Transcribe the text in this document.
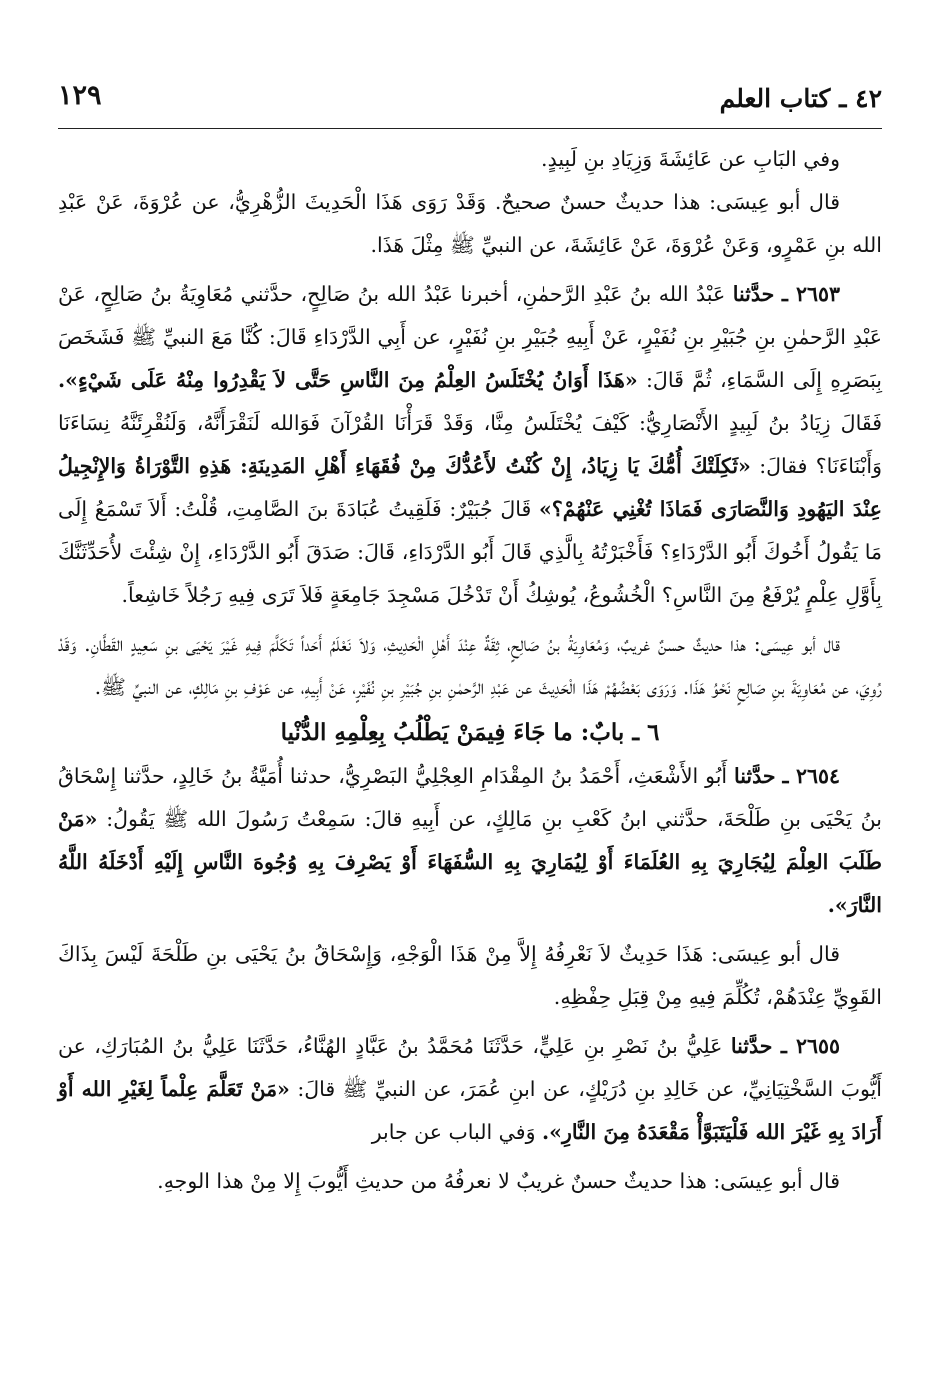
٤٢ ـ كتاب العلم
١٢٩

وفي البَابِ عن عَائِشَةَ وَزِيَادِ بنِ لَبِيدٍ.

قال أبو عِيسَى: هذا حديثٌ حسنٌ صحيحٌ. وَقَدْ رَوَى هَذَا الْحَدِيثَ الزُّهْرِيُّ، عن عُرْوَةَ، عَنْ عَبْدِ الله بنِ عَمْرٍو، وَعَنْ عُرْوَةَ، عَنْ عَائِشَةَ، عن النبيِّ ﷺ مِثْلَ هَذَا.

٢٦٥٣ ـ حدَّثنا عَبْدُ الله بنُ عَبْدِ الرَّحمٰنِ، أخبرنا عَبْدُ الله بنُ صَالِحٍ، حدَّثني مُعَاوِيَةُ بنُ صَالِحٍ، عَنْ عَبْدِ الرَّحمٰنِ بنِ جُبَيْرِ بنِ نُفَيْرٍ، عَنْ أَبِيهِ جُبَيْرِ بنِ نُفَيْرٍ، عن أَبِي الدَّرْدَاءِ قَالَ: كُنَّا مَعَ النبيِّ ﷺ فَشَخَصَ بِبَصَرِهِ إِلَى السَّمَاءِ، ثُمَّ قَالَ: «هَذَا أَوَانُ يُخْتَلَسُ العِلْمُ مِنَ النَّاسِ حَتَّى لاَ يَقْدِرُوا مِنْهُ عَلَى شَيْءٍ». فَقَالَ زِيَادُ بنُ لَبِيدٍ الأَنْصَارِيُّ: كَيْفَ يُخْتَلَسُ مِنَّا، وَقَدْ قَرَأْنَا القُرْآنَ فَوَالله لَنَقْرَأَنَّهُ، وَلَنُقْرِئَنَّهُ نِسَاءَنَا وَأَبْنَاءَنَا؟ فقالَ: «ثَكِلَتْكَ أُمُّكَ يَا زِيَادُ، إِنْ كُنْتُ لأَعُدُّكَ مِنْ فُقَهَاءِ أَهْلِ المَدِينَةِ: هَذِهِ التَّوْرَاةُ وَالإِنْجِيلُ عِنْدَ اليَهُودِ وَالنَّصَارَى فَمَاذَا تُغْنِي عَنْهُمْ؟» قَالَ جُبَيْرٌ: فَلَقِيتُ عُبَادَةَ بنَ الصَّامِتِ، قُلْتُ: أَلاَ تَسْمَعُ إِلَى مَا يَقُولُ أَخُوكَ أَبُو الدَّرْدَاءِ؟ فَأَخْبَرْتُهُ بِالَّذِي قَالَ أَبُو الدَّرْدَاءِ، قَالَ: صَدَقَ أَبُو الدَّرْدَاءِ، إِنْ شِئْتَ لأُحَدِّثَنَّكَ بِأَوَّلِ عِلْمٍ يُرْفَعُ مِنَ النَّاسِ؟ الْخُشُوعُ، يُوشِكُ أَنْ تَدْخُلَ مَسْجِدَ جَامِعَةٍ فَلاَ تَرَى فِيهِ رَجُلاً خَاشِعاً.

قال أبو عِيسَى: هذا حديثٌ حسنٌ غريبٌ، وَمُعَاوِيَةُ بنُ صَالِحٍ، ثِقَةٌ عِنْدَ أَهْلِ الْحَدِيثِ، وَلاَ نَعْلَمُ أَحَداً تَكَلَّمَ فِيهِ غَيْرَ يَحْيَى بنِ سَعِيدٍ القَطَّانِ. وَقَدْ رُوِيَ، عن مُعَاوِيَةَ بنِ صَالِحٍ نَحْوُ هَذَا. وَرَوَى بَعْضُهُمْ هَذَا الْحَدِيثَ عن عَبْدِ الرَّحمٰنِ بنِ جُبَيْرِ بنِ نُفَيْرٍ، عَنْ أَبِيهِ، عن عَوْفِ بنِ مَالِكٍ، عن النبيِّ ﷺ.

٦ ـ بابٌ: ما جَاءَ فِيمَنْ يَطْلُبُ بِعِلْمِهِ الدُّنْيا

٢٦٥٤ ـ حدَّثنا أَبُو الأَشْعَثِ، أَحْمَدُ بنُ المِقْدَامِ العِجْلِيُّ البَصْرِيُّ، حدثنا أُمَيَّةُ بنُ خَالِدٍ، حدَّثنا إِسْحَاقُ بنُ يَحْيَى بنِ طَلْحَةَ، حدَّثني ابنُ كَعْبِ بنِ مَالِكٍ، عن أَبِيهِ قالَ: سَمِعْتُ رَسُولَ الله ﷺ يَقُولُ: «مَنْ طَلَبَ العِلْمَ لِيُجَارِيَ بِهِ العُلَمَاءَ أَوْ لِيُمَارِيَ بِهِ السُّفَهَاءَ أَوْ يَصْرِفَ بِهِ وُجُوهَ النَّاسِ إِلَيْهِ أَدْخَلَهُ اللَّهُ النَّارَ».

قال أبو عِيسَى: هَذَا حَدِيثٌ لاَ نَعْرِفُهُ إِلاَّ مِنْ هَذَا الْوَجْهِ، وَإِسْحَاقُ بنُ يَحْيَى بنِ طَلْحَةَ لَيْسَ بِذَاكَ القَوِيِّ عِنْدَهُمْ، تُكُلِّمَ فِيهِ مِنْ قِبَلِ حِفْظِهِ.

٢٦٥٥ ـ حدَّثنا عَلِيُّ بنُ نَصْرِ بنِ عَلِيٍّ، حَدَّثَنَا مُحَمَّدُ بنُ عَبَّادٍ الهُنَّاءُ، حَدَّثَنَا عَلِيُّ بنُ المُبَارَكِ، عن أَيُّوبَ السَّخْتِيَانِيِّ، عن خَالِدِ بنِ دُرَيْكٍ، عن ابنِ عُمَرَ، عن النبيِّ ﷺ قالَ: «مَنْ تَعَلَّمَ عِلْماً لِغَيْرِ الله أَوْ أَرَادَ بِهِ غَيْرَ الله فَلْيَتَبَوَّأْ مَقْعَدَهُ مِنَ النَّارِ». وَفي الباب عن جابر

قال أبو عِيسَى: هذا حديثٌ حسنٌ غريبٌ لا نعرفُهُ من حديثِ أَيُّوبَ إِلا مِنْ هذا الوجهِ.
